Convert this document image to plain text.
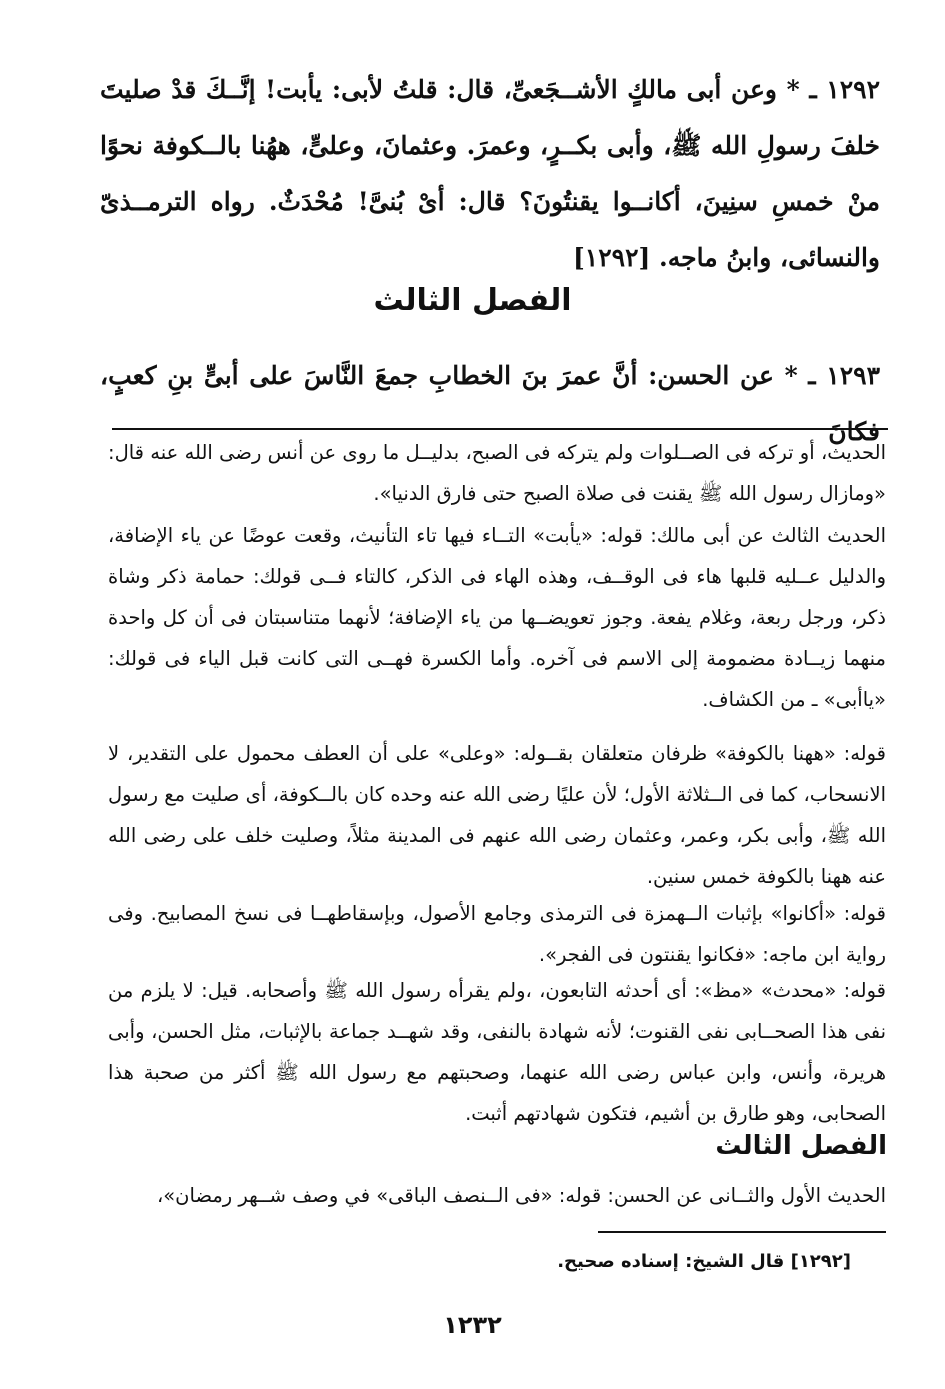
١٢٩٢ ـ * وعن أبى مالكٍ الأشــجَعىِّ، قال: قلتُ لأبى: يأبت! إنَّــكَ قدْ صليتَ خلفَ رسولِ الله ﷺ، وأبى بكــرٍ، وعمرَ. وعثمانَ، وعلىٍّ، ههُنا بالــكوفة نحوًا منْ خمسِ سنِينَ، أكانــوا يقنتُونَ؟ قال: أىْ بُنىَّ! مُحْدَثٌ. رواه الترمــذىّ والنسائى، وابنُ ماجه. [١٢٩٢]
الفصل الثالث
١٢٩٣ ـ * عن الحسن: أنَّ عمرَ بنَ الخطابِ جمعَ النَّاسَ على أبىٍّ بنِ كعبٍ، فكانَ
الحديث، أو تركه فى الصــلوات ولم يتركه فى الصبح، بدليــل ما روى عن أنس رضى الله عنه قال: «ومازال رسول الله ﷺ يقنت فى صلاة الصبح حتى فارق الدنيا».
الحديث الثالث عن أبى مالك: قوله: «يأبت» التــاء فيها تاء التأنيث، وقعت عوضًا عن ياء الإضافة، والدليل عــليه قلبها هاء فى الوقــف، وهذه الهاء فى الذكر، كالتاء فــى قولك: حمامة ذكر وشاة ذكر، ورجل ربعة، وغلام يفعة. وجوز تعويضــها من ياء الإضافة؛ لأنهما متناسبتان فى أن كل واحدة منهما زيــادة مضمومة إلى الاسم فى آخره. وأما الكسرة فهــى التى كانت قبل الياء فى قولك: «ياأبى» ـ من الكشاف.
قوله: «ههنا بالكوفة» ظرفان متعلقان بقــوله: «وعلى» على أن العطف محمول على التقدير، لا الانسحاب، كما فى الــثلاثة الأول؛ لأن عليًا رضى الله عنه وحده كان بالــكوفة، أى صليت مع رسول الله ﷺ، وأبى بكر، وعمر، وعثمان رضى الله عنهم فى المدينة مثلاً، وصليت خلف على رضى الله عنه ههنا بالكوفة خمس سنين.
قوله: «أكانوا» بإثبات الــهمزة فى الترمذى وجامع الأصول، وبإسقاطهــا فى نسخ المصابيح. وفى رواية ابن ماجه: «فكانوا يقنتون فى الفجر».
قوله: «محدث» «مظ»: أى أحدثه التابعون، ،ولم يقرأه رسول الله ﷺ وأصحابه. قيل: لا يلزم من نفى هذا الصحــابى نفى القنوت؛ لأنه شهادة بالنفى، وقد شهــد جماعة بالإثبات، مثل الحسن، وأبى هريرة، وأنس، وابن عباس رضى الله عنهما، وصحبتهم مع رسول الله ﷺ أكثر من صحبة هذا الصحابى، وهو طارق بن أشيم، فتكون شهادتهم أثبت.
الفصل الثالث
الحديث الأول والثــانى عن الحسن: قوله: «فى الــنصف الباقى» في وصف شــهر رمضان»،
[١٢٩٢] قال الشيخ: إسناده صحيح.
١٢٣٢
